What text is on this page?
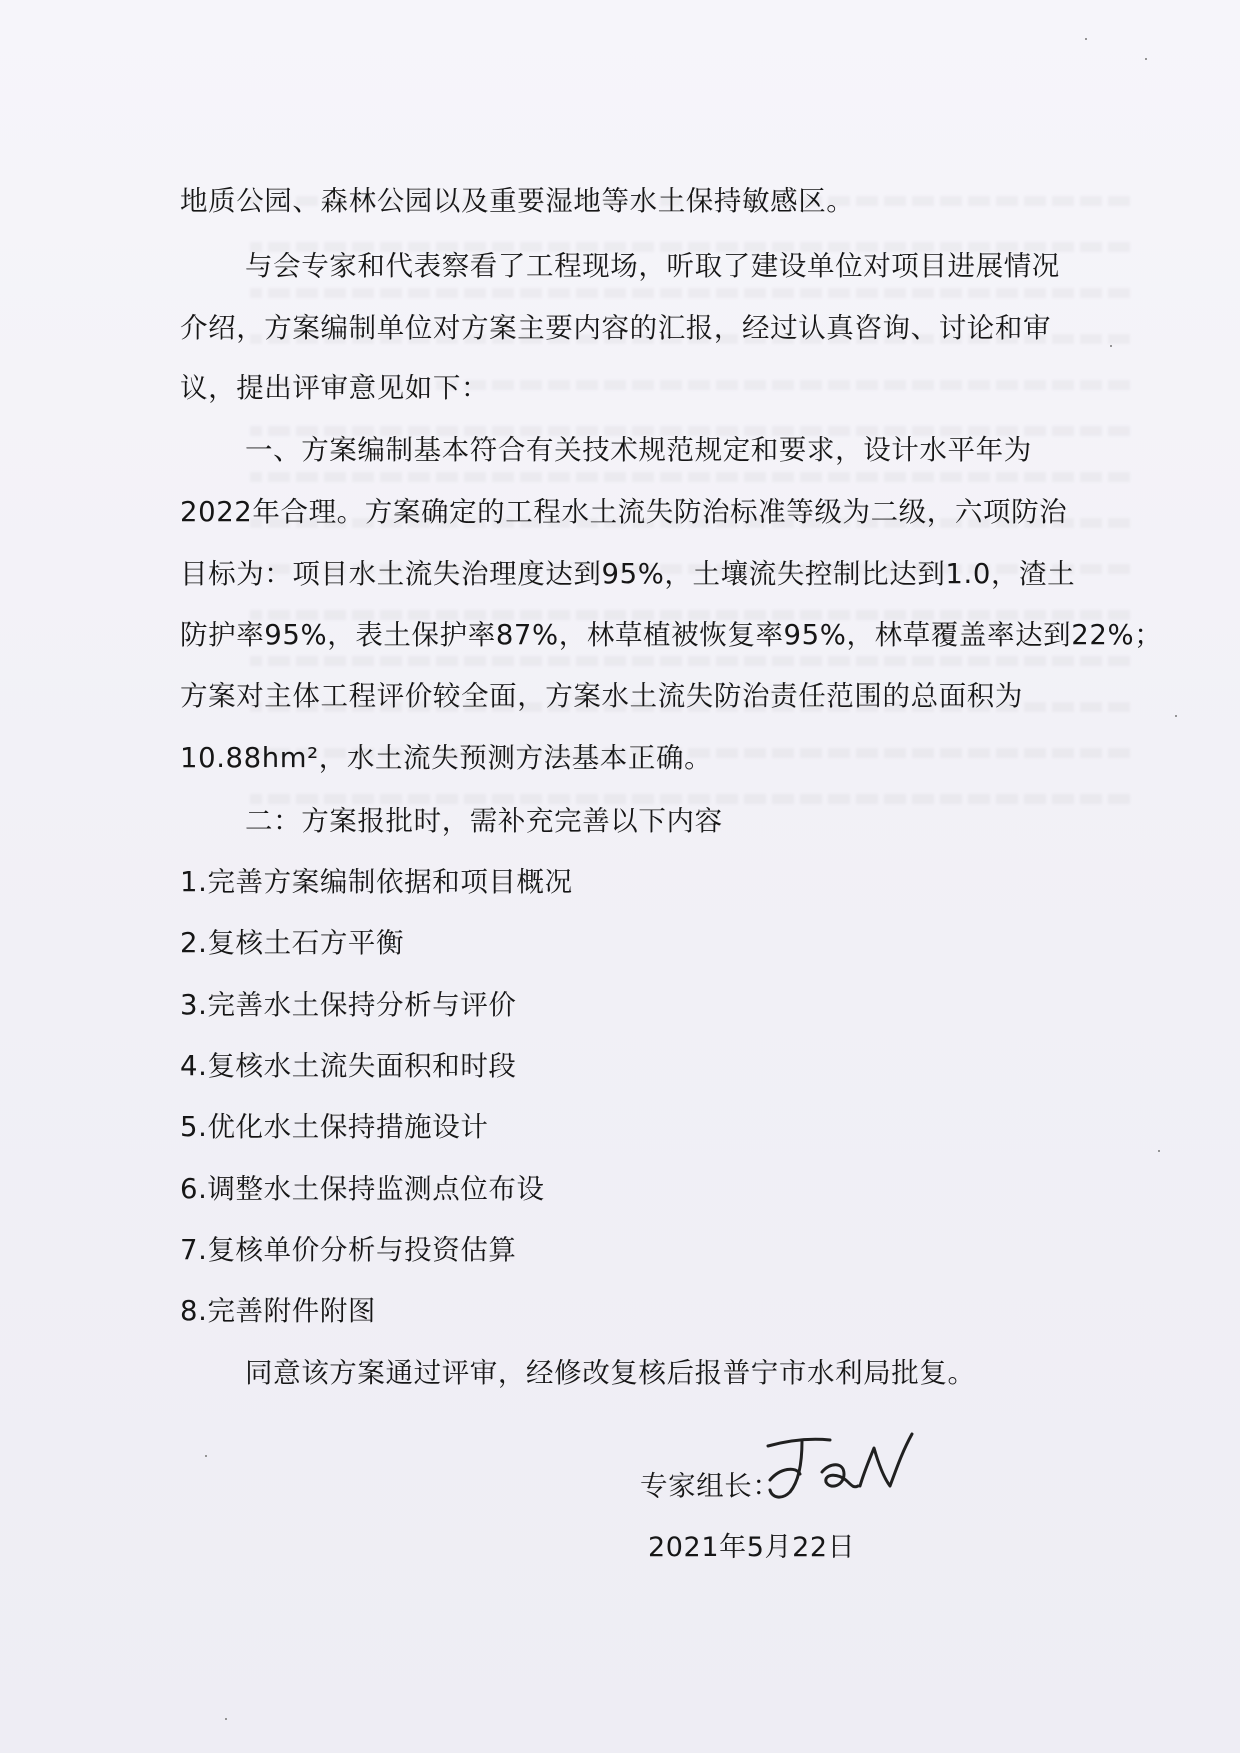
地质公园、森林公园以及重要湿地等水土保持敏感区。
与会专家和代表察看了工程现场，听取了建设单位对项目进展情况
介绍，方案编制单位对方案主要内容的汇报，经过认真咨询、讨论和审
议，提出评审意见如下：
一、方案编制基本符合有关技术规范规定和要求，设计水平年为
2022年合理。方案确定的工程水土流失防治标准等级为二级，六项防治
目标为：项目水土流失治理度达到95%，土壤流失控制比达到1.0，渣土
防护率95%，表土保护率87%，林草植被恢复率95%，林草覆盖率达到22%；
方案对主体工程评价较全面，方案水土流失防治责任范围的总面积为
10.88hm²，水土流失预测方法基本正确。
二：方案报批时，需补充完善以下内容
1.完善方案编制依据和项目概况
2.复核土石方平衡
3.完善水土保持分析与评价
4.复核水土流失面积和时段
5.优化水土保持措施设计
6.调整水土保持监测点位布设
7.复核单价分析与投资估算
8.完善附件附图
同意该方案通过评审，经修改复核后报普宁市水利局批复。
专家组长：
2021年5月22日
